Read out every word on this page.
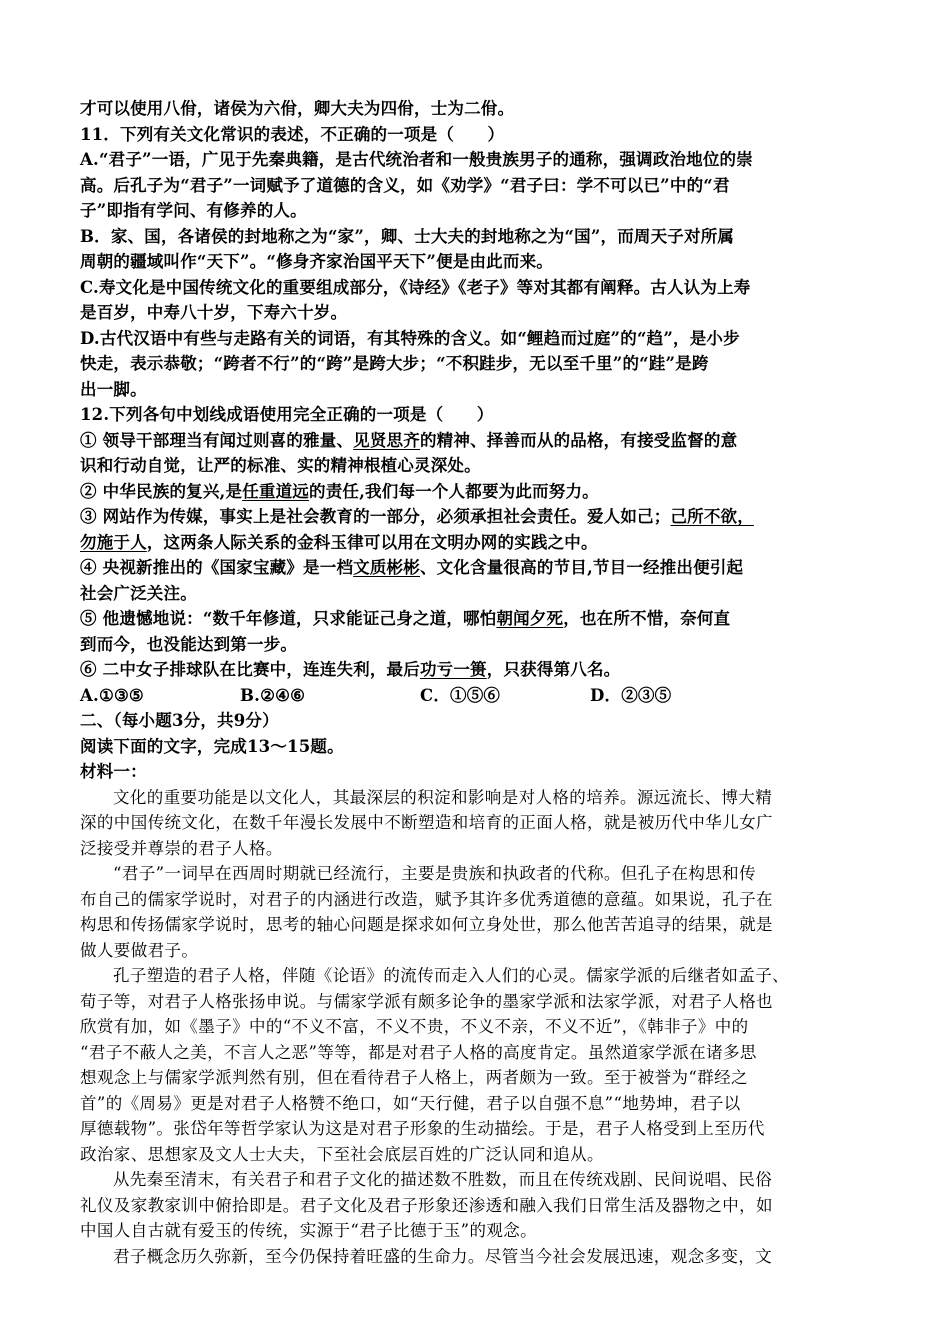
才可以使用八佾，诸侯为六佾，卿大夫为四佾，士为二佾。
11．下列有关文化常识的表述，不正确的一项是（　　）
A.“君子”一语，广见于先秦典籍，是古代统治者和一般贵族男子的通称，强调政治地位的崇
高。后孔子为“君子”一词赋予了道德的含义，如《劝学》“君子曰：学不可以已”中的“君
子”即指有学问、有修养的人。
B．家、国，各诸侯的封地称之为“家”，卿、士大夫的封地称之为“国”，而周天子对所属
周朝的疆域叫作“天下”。“修身齐家治国平天下”便是由此而来。
C.寿文化是中国传统文化的重要组成部分，《诗经》《老子》等对其都有阐释。古人认为上寿
是百岁，中寿八十岁，下寿六十岁。
D.古代汉语中有些与走路有关的词语，有其特殊的含义。如“鲤趋而过庭”的“趋”，是小步
快走，表示恭敬；“跨者不行”的“跨”是跨大步；“不积跬步，无以至千里”的“跬”是跨
出一脚。
12.下列各句中划线成语使用完全正确的一项是（　　）
① 领导干部理当有闻过则喜的雅量、见贤思齐的精神、择善而从的品格，有接受监督的意
识和行动自觉，让严的标准、实的精神根植心灵深处。
② 中华民族的复兴,是任重道远的责任,我们每一个人都要为此而努力。
③ 网站作为传媒，事实上是社会教育的一部分，必须承担社会责任。爱人如己；己所不欲，
勿施于人，这两条人际关系的金科玉律可以用在文明办网的实践之中。
④ 央视新推出的《国家宝藏》是一档文质彬彬、文化含量很高的节目,节目一经推出便引起
社会广泛关注。
⑤ 他遗憾地说：“数千年修道，只求能证己身之道，哪怕朝闻夕死，也在所不惜，奈何直
到而今，也没能达到第一步。
⑥ 二中女子排球队在比赛中，连连失利，最后功亏一篑，只获得第八名。
A.①③⑤	B.②④⑥	C．①⑤⑥	D．②③⑤
二、（每小题3分，共9分）
阅读下面的文字，完成13～15题。
材料一：
文化的重要功能是以文化人，其最深层的积淀和影响是对人格的培养。源远流长、博大精
深的中国传统文化，在数千年漫长发展中不断塑造和培育的正面人格，就是被历代中华儿女广
泛接受并尊崇的君子人格。
“君子”一词早在西周时期就已经流行，主要是贵族和执政者的代称。但孔子在构思和传
布自己的儒家学说时，对君子的内涵进行改造，赋予其许多优秀道德的意蕴。如果说，孔子在
构思和传扬儒家学说时，思考的轴心问题是探求如何立身处世，那么他苦苦追寻的结果，就是
做人要做君子。
孔子塑造的君子人格，伴随《论语》的流传而走入人们的心灵。儒家学派的后继者如孟子、
荀子等，对君子人格张扬申说。与儒家学派有颇多论争的墨家学派和法家学派，对君子人格也
欣赏有加，如《墨子》中的“不义不富，不义不贵，不义不亲，不义不近”，《韩非子》中的
“君子不蔽人之美，不言人之恶”等等，都是对君子人格的高度肯定。虽然道家学派在诸多思
想观念上与儒家学派判然有别，但在看待君子人格上，两者颇为一致。至于被誉为“群经之
首”的《周易》更是对君子人格赞不绝口，如“天行健，君子以自强不息”“地势坤，君子以
厚德载物”。张岱年等哲学家认为这是对君子形象的生动描绘。于是，君子人格受到上至历代
政治家、思想家及文人士大夫，下至社会底层百姓的广泛认同和追从。
从先秦至清末，有关君子和君子文化的描述数不胜数，而且在传统戏剧、民间说唱、民俗
礼仪及家教家训中俯拾即是。君子文化及君子形象还渗透和融入我们日常生活及器物之中，如
中国人自古就有爱玉的传统，实源于“君子比德于玉”的观念。
君子概念历久弥新，至今仍保持着旺盛的生命力。尽管当今社会发展迅速，观念多变，文
